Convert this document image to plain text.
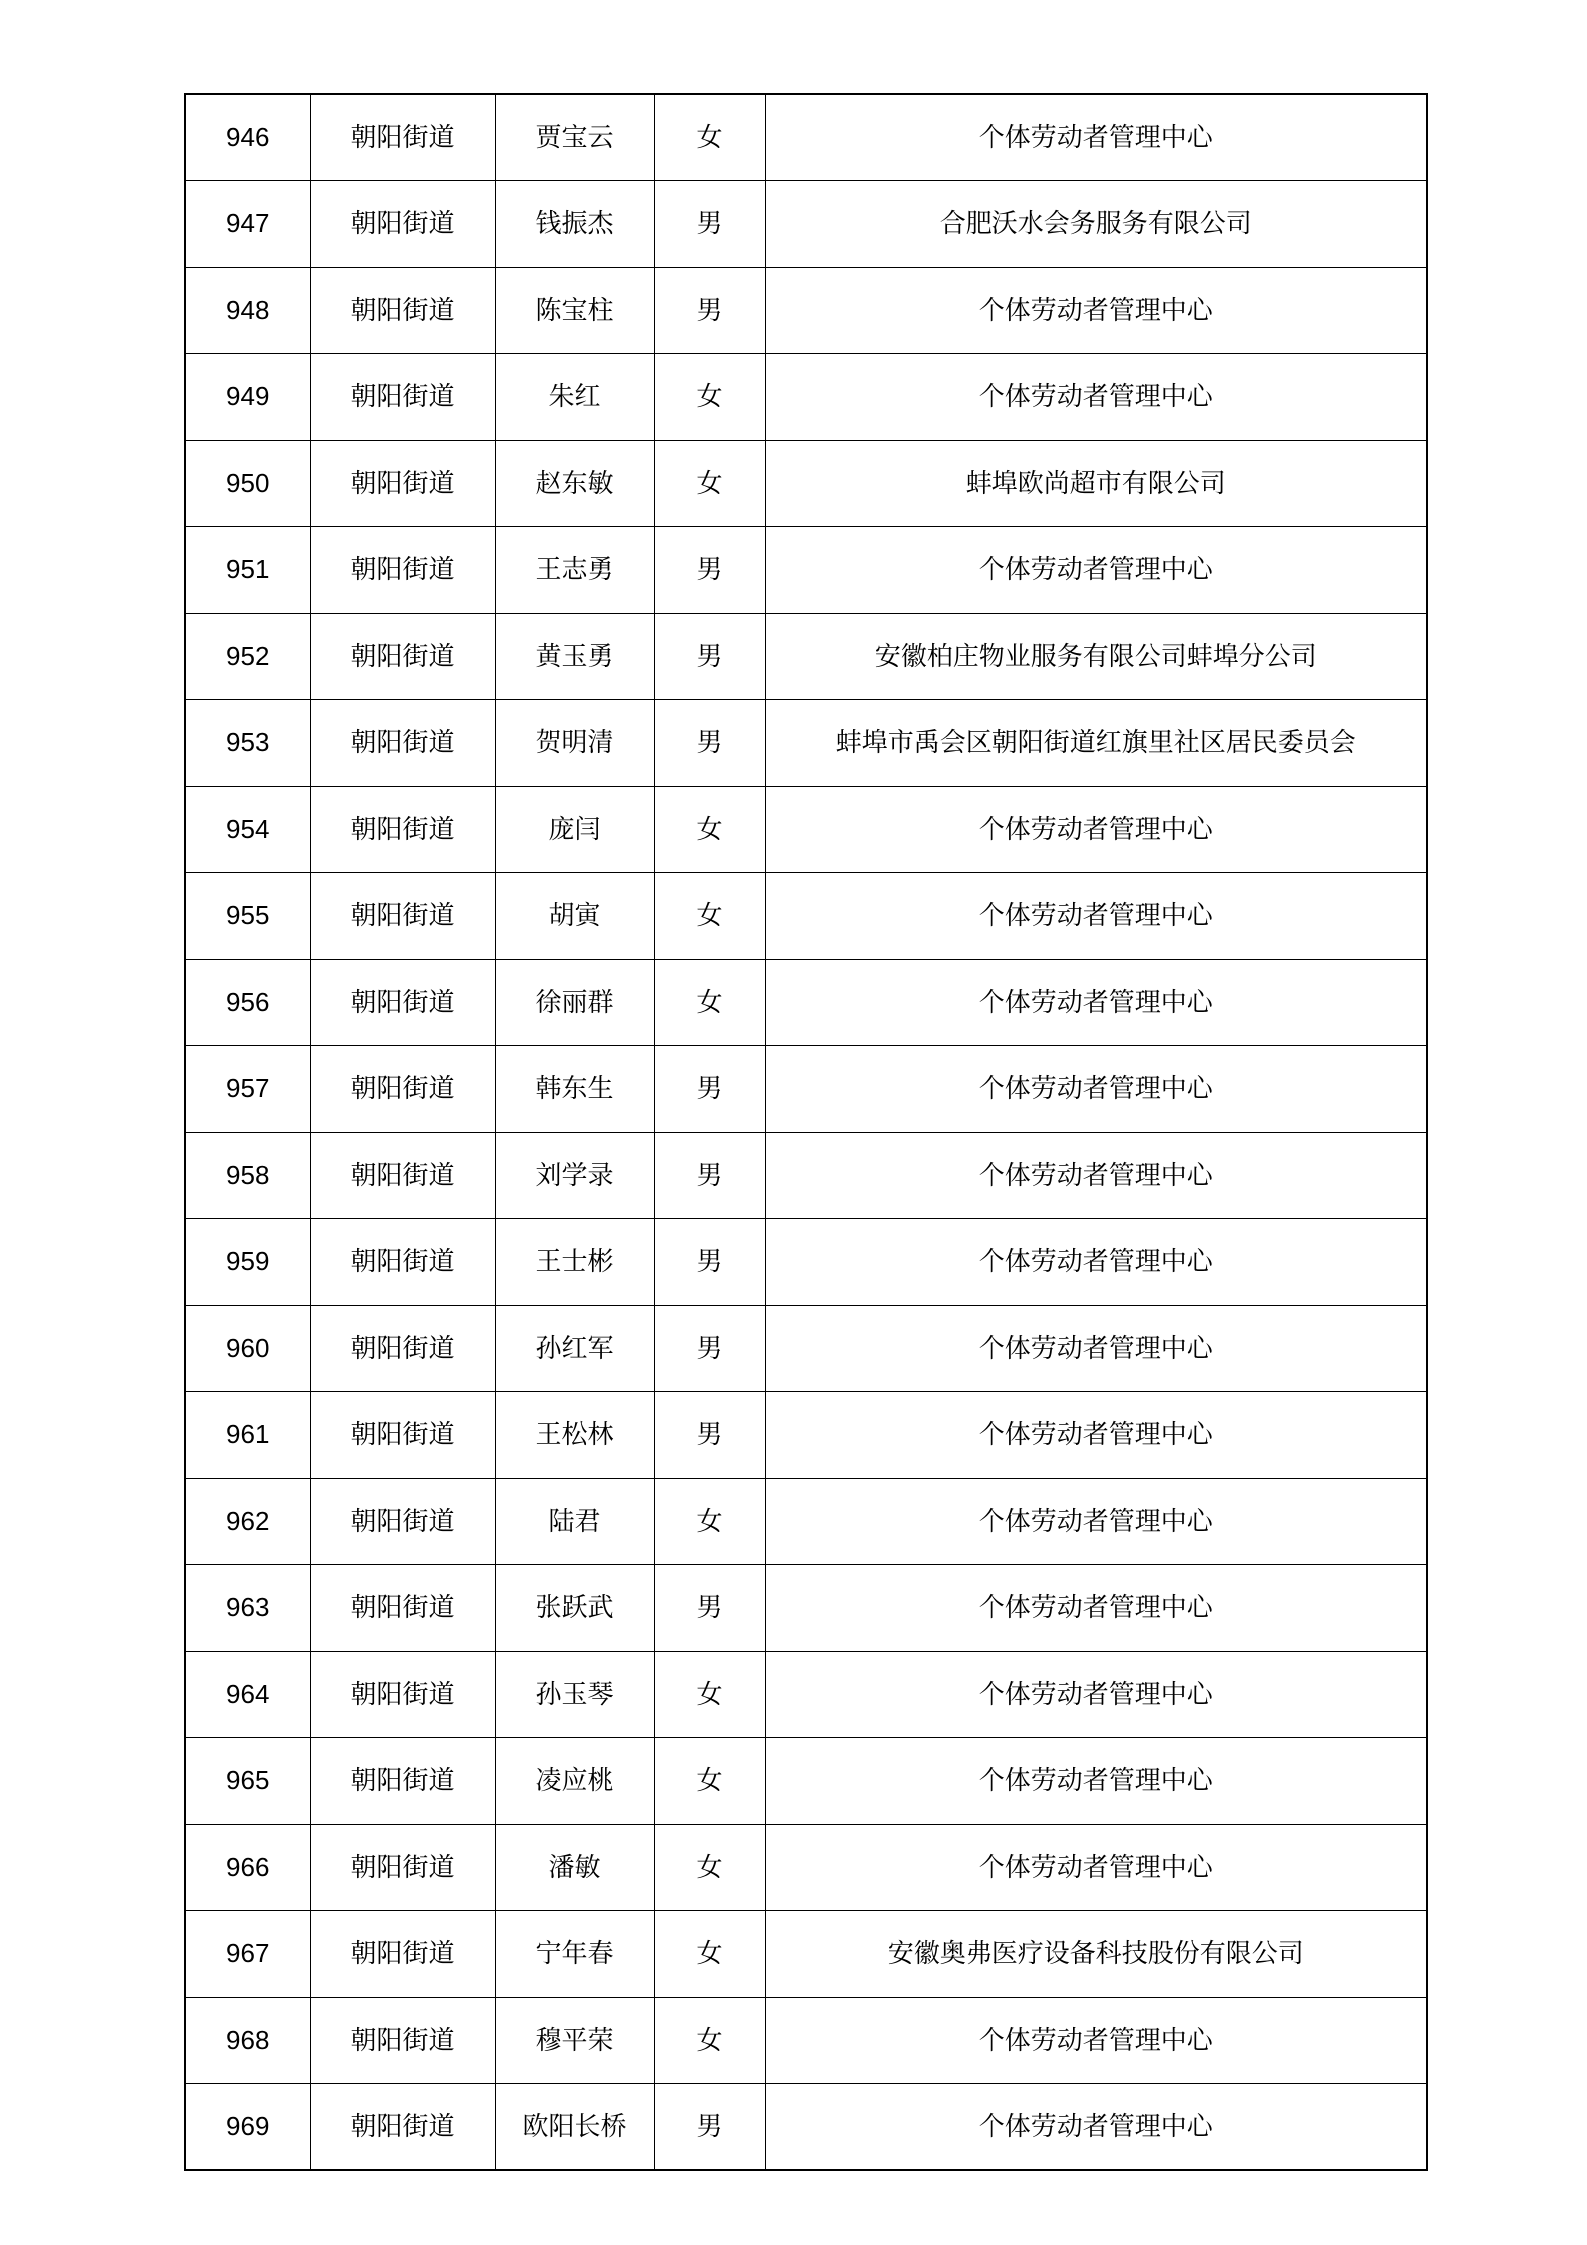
946	朝阳街道	贾宝云	女	个体劳动者管理中心
947	朝阳街道	钱振杰	男	合肥沃水会务服务有限公司
948	朝阳街道	陈宝柱	男	个体劳动者管理中心
949	朝阳街道	朱红	女	个体劳动者管理中心
950	朝阳街道	赵东敏	女	蚌埠欧尚超市有限公司
951	朝阳街道	王志勇	男	个体劳动者管理中心
952	朝阳街道	黄玉勇	男	安徽柏庄物业服务有限公司蚌埠分公司
953	朝阳街道	贺明清	男	蚌埠市禹会区朝阳街道红旗里社区居民委员会
954	朝阳街道	庞闫	女	个体劳动者管理中心
955	朝阳街道	胡寅	女	个体劳动者管理中心
956	朝阳街道	徐丽群	女	个体劳动者管理中心
957	朝阳街道	韩东生	男	个体劳动者管理中心
958	朝阳街道	刘学录	男	个体劳动者管理中心
959	朝阳街道	王士彬	男	个体劳动者管理中心
960	朝阳街道	孙红军	男	个体劳动者管理中心
961	朝阳街道	王松林	男	个体劳动者管理中心
962	朝阳街道	陆君	女	个体劳动者管理中心
963	朝阳街道	张跃武	男	个体劳动者管理中心
964	朝阳街道	孙玉琴	女	个体劳动者管理中心
965	朝阳街道	凌应桃	女	个体劳动者管理中心
966	朝阳街道	潘敏	女	个体劳动者管理中心
967	朝阳街道	宁年春	女	安徽奥弗医疗设备科技股份有限公司
968	朝阳街道	穆平荣	女	个体劳动者管理中心
969	朝阳街道	欧阳长桥	男	个体劳动者管理中心
